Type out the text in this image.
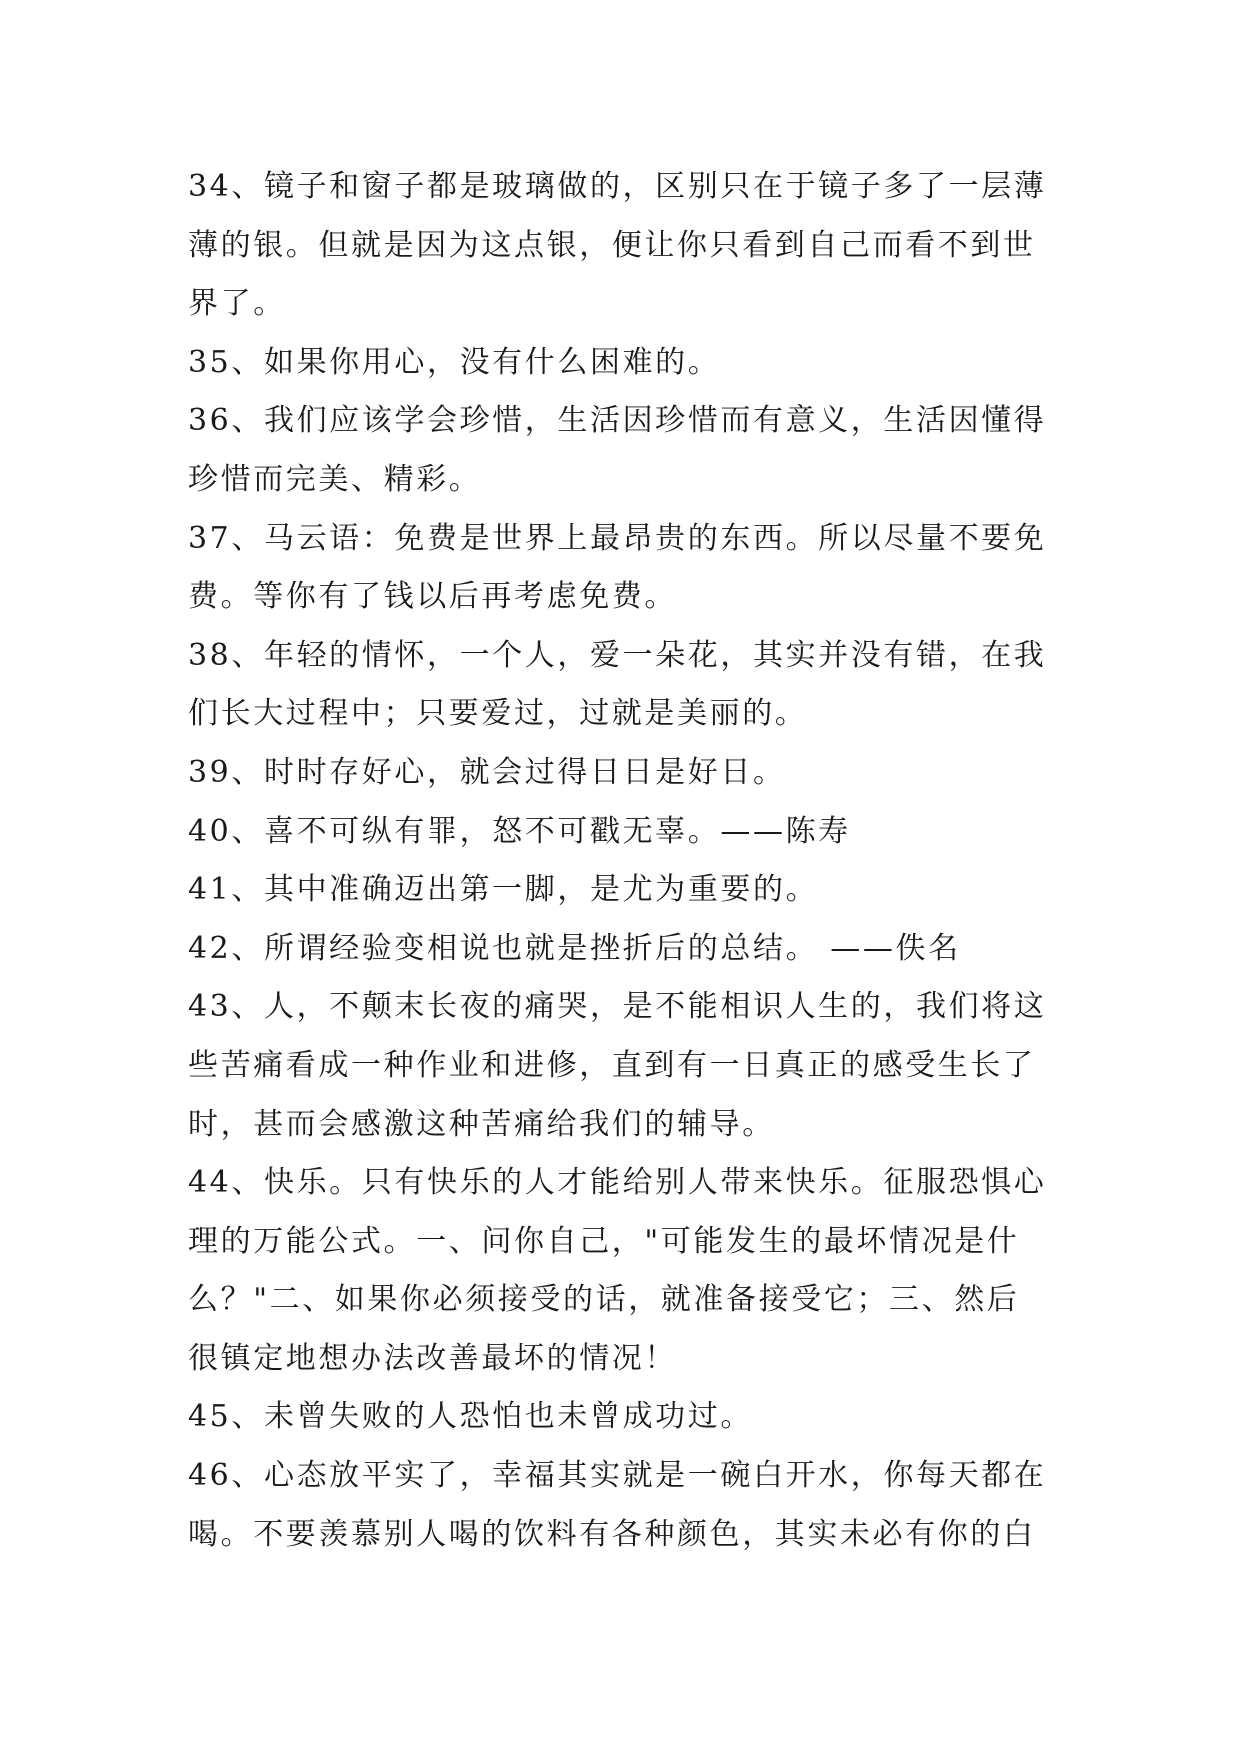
34、镜子和窗子都是玻璃做的，区别只在于镜子多了一层薄
薄的银。但就是因为这点银，便让你只看到自己而看不到世
界了。
35、如果你用心，没有什么困难的。
36、我们应该学会珍惜，生活因珍惜而有意义，生活因懂得
珍惜而完美、精彩。
37、马云语：免费是世界上最昂贵的东西。所以尽量不要免
费。等你有了钱以后再考虑免费。
38、年轻的情怀，一个人，爱一朵花，其实并没有错，在我
们长大过程中；只要爱过，过就是美丽的。
39、时时存好心，就会过得日日是好日。
40、喜不可纵有罪，怒不可戳无辜。——陈寿
41、其中准确迈出第一脚，是尤为重要的。
42、所谓经验变相说也就是挫折后的总结。 ——佚名
43、人，不颠末长夜的痛哭，是不能相识人生的，我们将这
些苦痛看成一种作业和进修，直到有一日真正的感受生长了
时，甚而会感激这种苦痛给我们的辅导。
44、快乐。只有快乐的人才能给别人带来快乐。征服恐惧心
理的万能公式。一、问你自己，"可能发生的最坏情况是什
么？"二、如果你必须接受的话，就准备接受它；三、然后
很镇定地想办法改善最坏的情况！
45、未曾失败的人恐怕也未曾成功过。
46、心态放平实了，幸福其实就是一碗白开水，你每天都在
喝。不要羡慕别人喝的饮料有各种颜色，其实未必有你的白
